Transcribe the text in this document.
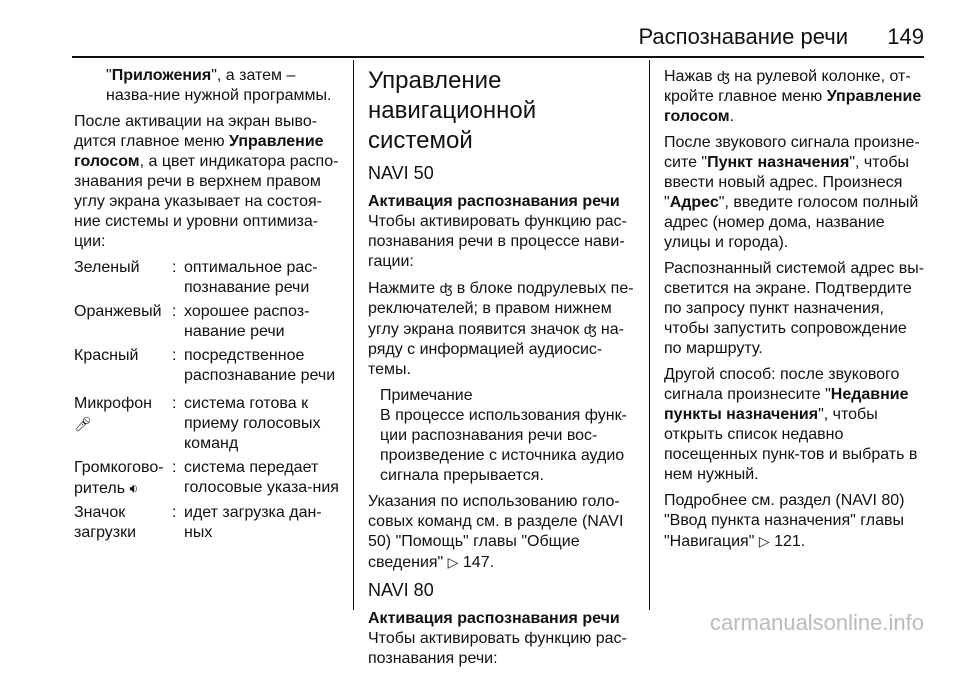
Распознавание речи 149

"Приложения", а затем – назва-ние нужной программы.

После активации на экран выво-дится главное меню Управление голосом, а цвет индикатора распо-знавания речи в верхнем правом углу экрана указывает на состоя-ние системы и уровни оптимиза-ции:

Зеленый	: оптимальное рас-познавание речи
Оранжевый : хорошее распоз-навание речи
Красный	: посредственное распознавание речи
Микрофон 🎤︎
: система готова к приему голосовых команд
Громкогово-ритель 🔉︎
: система передает голосовые указа-ния
Значок загрузки
: идет загрузка дан-ных
Управление навигационной системой
NAVI 50
Активация распознавания речи

Чтобы активировать функцию рас-познавания речи в процессе нави-гации:

Нажмите ʤ в блоке подрулевых пе-реключателей; в правом нижнем углу экрана появится значок ʤ на-ряду с информацией аудиосис-темы.

Примечание

В процессе использования функ-ции распознавания речи вос-произведение с источника аудио сигнала прерывается.

Указания по использованию голо-совых команд см. в разделе (NAVI 50) "Помощь" главы "Общие сведения" ▷ 147.

NAVI 80
Активация распознавания речи

Чтобы активировать функцию рас-познавания речи:

Нажав ʤ на рулевой колонке, от-кройте главное меню Управление голосом.

После звукового сигнала произне-сите "Пункт назначения", чтобы ввести новый адрес. Произнеся "Адрес", введите голосом полный адрес (номер дома, название улицы и города).

Распознанный системой адрес вы-светится на экране. Подтвердите по запросу пункт назначения, чтобы запустить сопровождение по маршруту.

Другой способ: после звукового сигнала произнесите "Недавние пункты назначения", чтобы открыть список недавно посещенных пунк-тов и выбрать в нем нужный.

Подробнее см. раздел (NAVI 80) "Ввод пункта назначения" главы "Навигация" ▷ 121.

carmanualsonline.info
